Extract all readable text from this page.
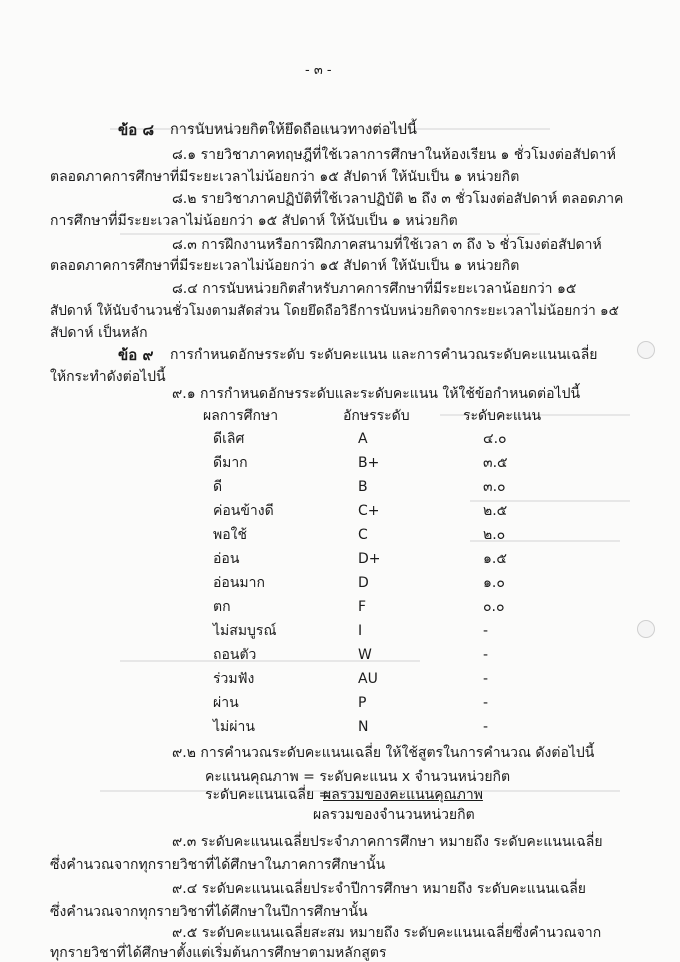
- ๓ -
ข้อ ๘ การนับหน่วยกิตให้ยึดถือแนวทางต่อไปนี้
๘.๑ รายวิชาภาคทฤษฎีที่ใช้เวลาการศึกษาในห้องเรียน ๑ ชั่วโมงต่อสัปดาห์
ตลอดภาคการศึกษาที่มีระยะเวลาไม่น้อยกว่า ๑๕ สัปดาห์ ให้นับเป็น ๑ หน่วยกิต
๘.๒ รายวิชาภาคปฏิบัติที่ใช้เวลาปฏิบัติ ๒ ถึง ๓ ชั่วโมงต่อสัปดาห์ ตลอดภาค
การศึกษาที่มีระยะเวลาไม่น้อยกว่า ๑๕ สัปดาห์ ให้นับเป็น ๑ หน่วยกิต
๘.๓ การฝึกงานหรือการฝึกภาคสนามที่ใช้เวลา ๓ ถึง ๖ ชั่วโมงต่อสัปดาห์
ตลอดภาคการศึกษาที่มีระยะเวลาไม่น้อยกว่า ๑๕ สัปดาห์ ให้นับเป็น ๑ หน่วยกิต
๘.๔ การนับหน่วยกิตสำหรับภาคการศึกษาที่มีระยะเวลาน้อยกว่า ๑๕
สัปดาห์ ให้นับจำนวนชั่วโมงตามสัดส่วน โดยยึดถือวิธีการนับหน่วยกิตจากระยะเวลาไม่น้อยกว่า ๑๕
สัปดาห์ เป็นหลัก
ข้อ ๙ การกำหนดอักษรระดับ ระดับคะแนน และการคำนวณระดับคะแนนเฉลี่ย
ให้กระทำดังต่อไปนี้
๙.๑ การกำหนดอักษรระดับและระดับคะแนน ให้ใช้ข้อกำหนดต่อไปนี้
ผลการศึกษา	อักษรระดับ	ระดับคะแนน
ดีเลิศ	A	๔.๐
ดีมาก	B+	๓.๕
ดี	B	๓.๐
ค่อนข้างดี	C+	๒.๕
พอใช้	C	๒.๐
อ่อน	D+	๑.๕
อ่อนมาก	D	๑.๐
ตก	F	๐.๐
ไม่สมบูรณ์	I	-
ถอนตัว	W	-
ร่วมฟัง	AU	-
ผ่าน	P	-
ไม่ผ่าน	N	-
๙.๒ การคำนวณระดับคะแนนเฉลี่ย ให้ใช้สูตรในการคำนวณ ดังต่อไปนี้
คะแนนคุณภาพ = ระดับคะแนน x จำนวนหน่วยกิต
ระดับคะแนนเฉลี่ย =
ผลรวมของคะแนนคุณภาพ
ผลรวมของจำนวนหน่วยกิต
๙.๓ ระดับคะแนนเฉลี่ยประจำภาคการศึกษา หมายถึง ระดับคะแนนเฉลี่ย
ซึ่งคำนวณจากทุกรายวิชาที่ได้ศึกษาในภาคการศึกษานั้น
๙.๔ ระดับคะแนนเฉลี่ยประจำปีการศึกษา หมายถึง ระดับคะแนนเฉลี่ย
ซึ่งคำนวณจากทุกรายวิชาที่ได้ศึกษาในปีการศึกษานั้น
๙.๕ ระดับคะแนนเฉลี่ยสะสม หมายถึง ระดับคะแนนเฉลี่ยซึ่งคำนวณจาก
ทุกรายวิชาที่ได้ศึกษาตั้งแต่เริ่มต้นการศึกษาตามหลักสูตร
